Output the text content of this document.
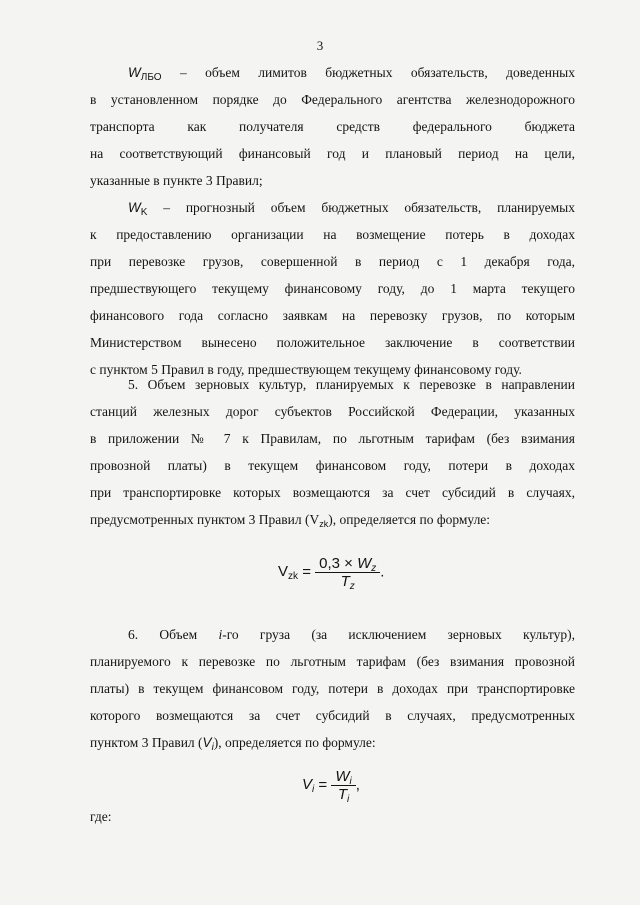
3
$W_{ЛБО}$ – объем лимитов бюджетных обязательств, доведенных
в установленном порядке до Федерального агентства железнодорожного
транспорта как получателя средств федерального бюджета
на соответствующий финансовый год и плановый период на цели,
указанные в пункте 3 Правил;
$W_K$ – прогнозный объем бюджетных обязательств, планируемых
к предоставлению организации на возмещение потерь в доходах
при перевозке грузов, совершенной в период с 1 декабря года,
предшествующего текущему финансовому году, до 1 марта текущего
финансового года согласно заявкам на перевозку грузов, по которым
Министерством вынесено положительное заключение в соответствии
с пунктом 5 Правил в году, предшествующем текущему финансовому году.
5. Объем зерновых культур, планируемых к перевозке в направлении
станций железных дорог субъектов Российской Федерации, указанных
в приложении № 7 к Правилам, по льготным тарифам (без взимания
провозной платы) в текущем финансовом году, потери в доходах
при транспортировке которых возмещаются за счет субсидий в случаях,
предусмотренных пунктом 3 Правил $(V_{zk})$, определяется по формуле:
$V_{zk} = \frac{0,3 \times W_z}{T_z}$ .
6. Объем i-го груза (за исключением зерновых культур),
планируемого к перевозке по льготным тарифам (без взимания провозной
платы) в текущем финансовом году, потери в доходах при транспортировке
которого возмещаются за счет субсидий в случаях, предусмотренных
пунктом 3 Правил $(V_i)$, определяется по формуле:
$V_i = \frac{W_i}{T_i}$ ,
где:
